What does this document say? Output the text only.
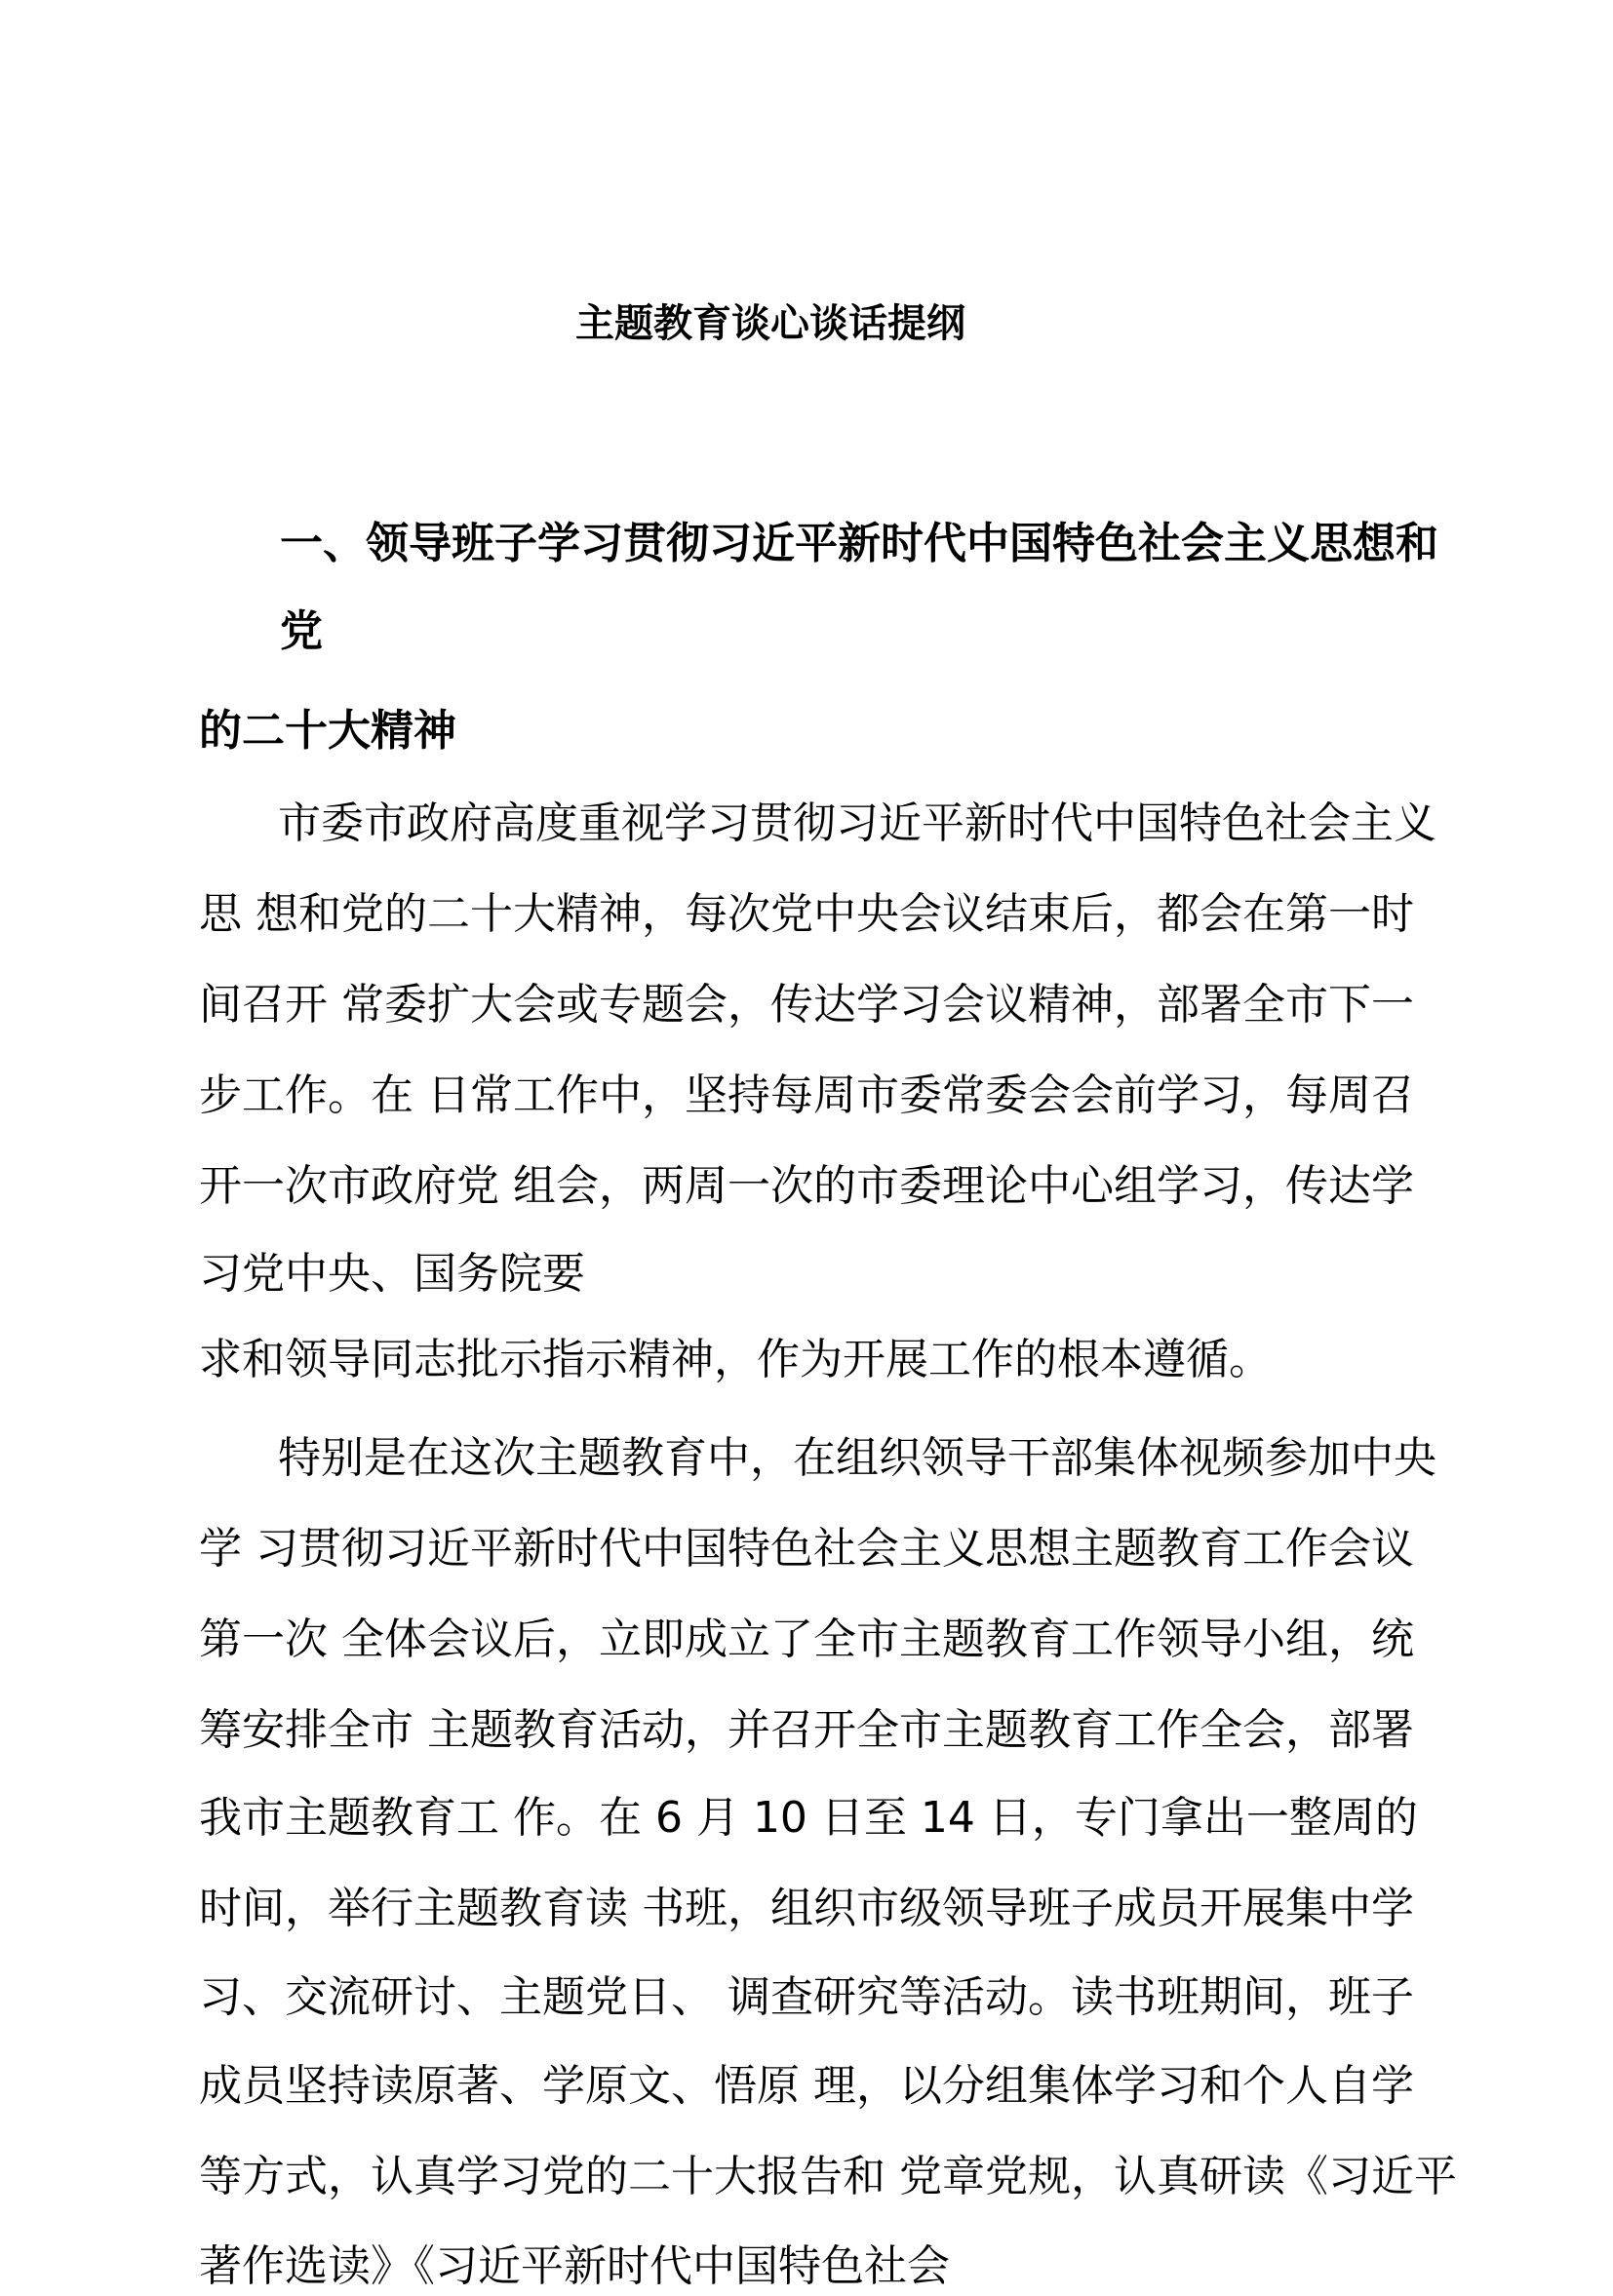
主题教育谈心谈话提纲
一、领导班子学习贯彻习近平新时代中国特色社会主义思想和
党
的二十大精神
市委市政府高度重视学习贯彻习近平新时代中国特色社会主义
思 想和党的二十大精神，每次党中央会议结束后，都会在第一时
间召开 常委扩大会或专题会，传达学习会议精神，部署全市下一
步工作。在 日常工作中，坚持每周市委常委会会前学习，每周召
开一次市政府党 组会，两周一次的市委理论中心组学习，传达学
习党中央、国务院要
求和领导同志批示指示精神，作为开展工作的根本遵循。
特别是在这次主题教育中，在组织领导干部集体视频参加中央
学 习贯彻习近平新时代中国特色社会主义思想主题教育工作会议
第一次 全体会议后，立即成立了全市主题教育工作领导小组，统
筹安排全市 主题教育活动，并召开全市主题教育工作全会，部署
我市主题教育工 作。在 6 月 10 日至 14 日，专门拿出一整周的
时间，举行主题教育读 书班，组织市级领导班子成员开展集中学
习、交流研讨、主题党日、 调查研究等活动。读书班期间，班子
成员坚持读原著、学原文、悟原 理，以分组集体学习和个人自学
等方式，认真学习党的二十大报告和 党章党规，认真研读《习近平
著作选读》《习近平新时代中国特色社会
